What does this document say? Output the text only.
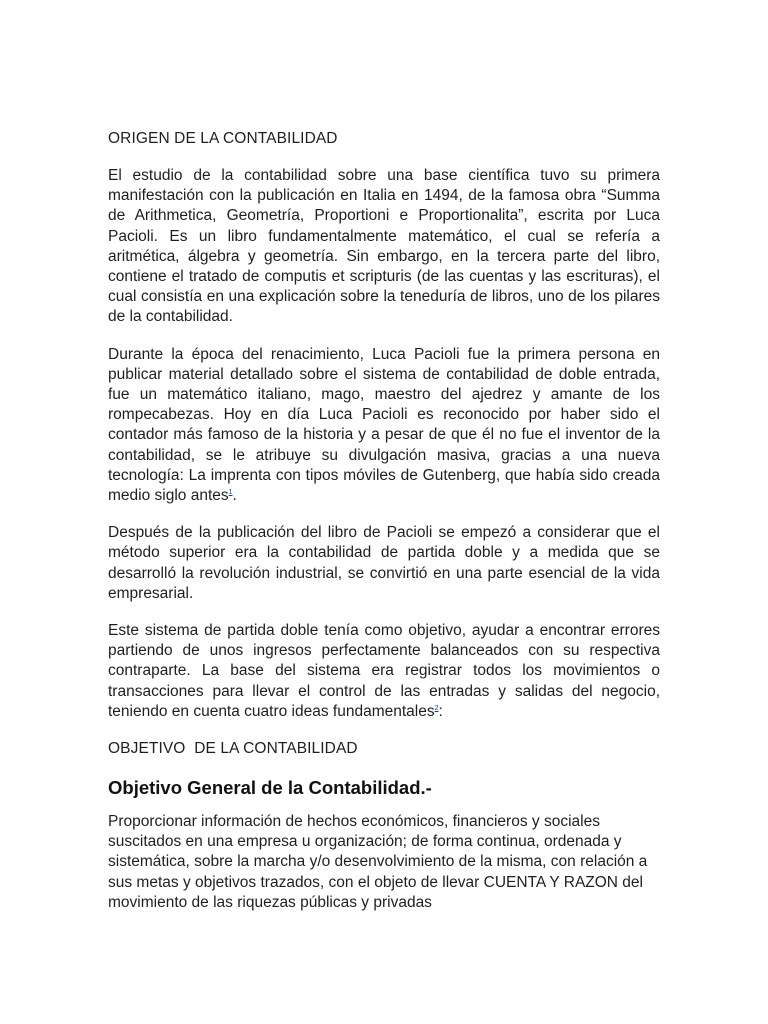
ORIGEN DE LA CONTABILIDAD

El estudio de la contabilidad sobre una base científica tuvo su primera manifestación con la publicación en Italia en 1494, de la famosa obra “Summa de Arithmetica, Geometría, Proportioni e Proportionalita”, escrita por Luca Pacioli. Es un libro fundamentalmente matemático, el cual se refería a aritmética, álgebra y geometría. Sin embargo, en la tercera parte del libro, contiene el tratado de computis et scripturis (de las cuentas y las escrituras), el cual consistía en una explicación sobre la teneduría de libros, uno de los pilares de la contabilidad.

Durante la época del renacimiento, Luca Pacioli fue la primera persona en publicar material detallado sobre el sistema de contabilidad de doble entrada, fue un matemático italiano, mago, maestro del ajedrez y amante de los rompecabezas. Hoy en día Luca Pacioli es reconocido por haber sido el contador más famoso de la historia y a pesar de que él no fue el inventor de la contabilidad, se le atribuye su divulgación masiva, gracias a una nueva tecnología: La imprenta con tipos móviles de Gutenberg, que había sido creada medio siglo antes$^1$.

Después de la publicación del libro de Pacioli se empezó a considerar que el método superior era la contabilidad de partida doble y a medida que se desarrolló la revolución industrial, se convirtió en una parte esencial de la vida empresarial.

Este sistema de partida doble tenía como objetivo, ayudar a encontrar errores partiendo de unos ingresos perfectamente balanceados con su respectiva contraparte. La base del sistema era registrar todos los movimientos o transacciones para llevar el control de las entradas y salidas del negocio, teniendo en cuenta cuatro ideas fundamentales$^2$:

OBJETIVO  DE LA CONTABILIDAD

Objetivo General de la Contabilidad.-

Proporcionar información de hechos económicos, financieros y sociales suscitados en una empresa u organización; de forma continua, ordenada y sistemática, sobre la marcha y/o desenvolvimiento de la misma, con relación a sus metas y objetivos trazados, con el objeto de llevar CUENTA Y RAZON del movimiento de las riquezas públicas y privadas
